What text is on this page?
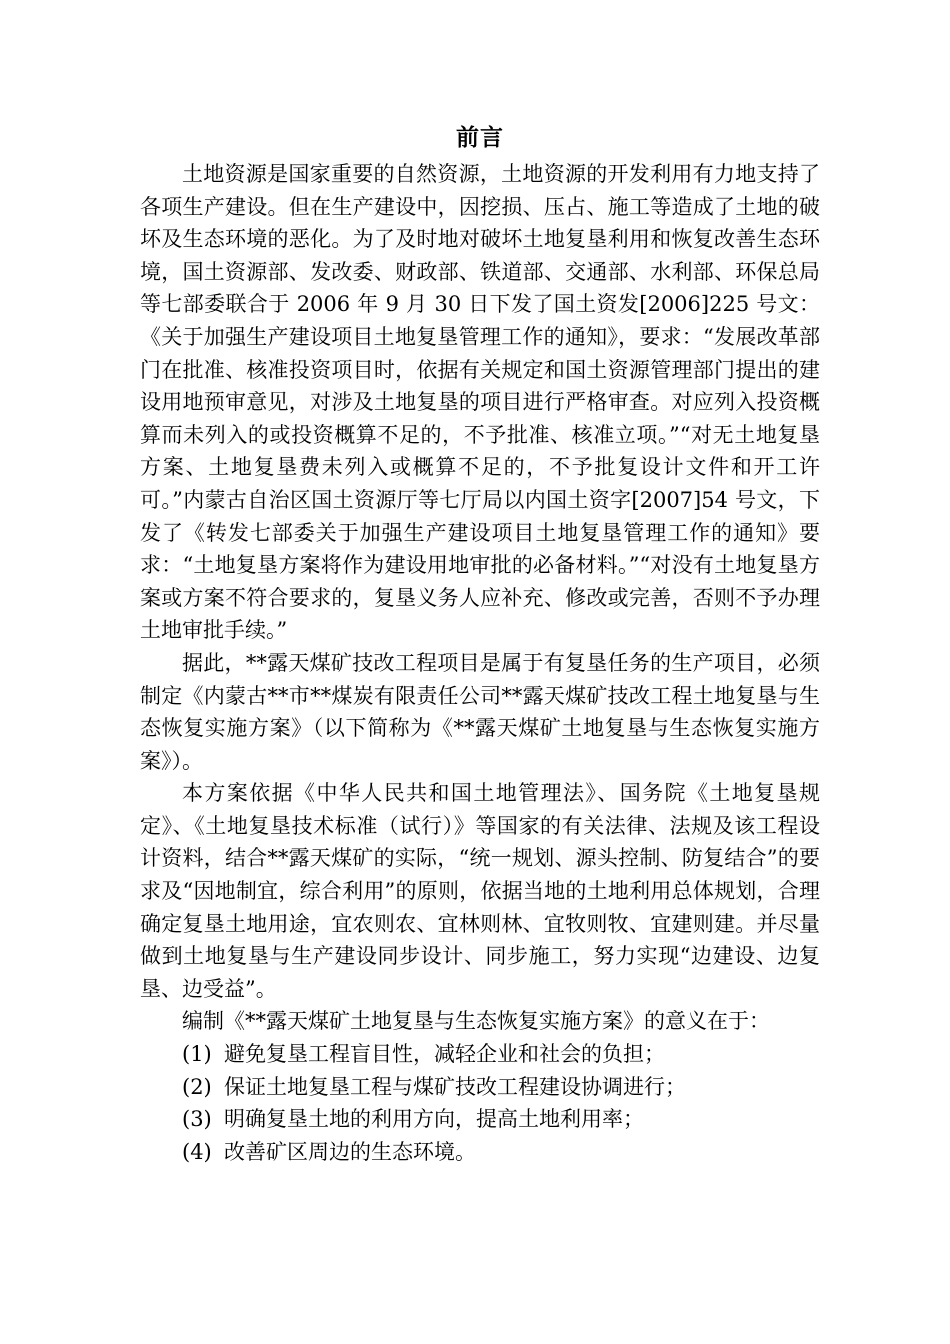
前言

土地资源是国家重要的自然资源，土地资源的开发利用有力地支持了各项生产建设。但在生产建设中，因挖损、压占、施工等造成了土地的破坏及生态环境的恶化。为了及时地对破坏土地复垦利用和恢复改善生态环境，国土资源部、发改委、财政部、铁道部、交通部、水利部、环保总局等七部委联合于 2006 年 9 月 30 日下发了国土资发[2006]225 号文：《关于加强生产建设项目土地复垦管理工作的通知》，要求：“发展改革部门在批准、核准投资项目时，依据有关规定和国土资源管理部门提出的建设用地预审意见，对涉及土地复垦的项目进行严格审查。对应列入投资概算而未列入的或投资概算不足的，不予批准、核准立项。”“对无土地复垦方案、土地复垦费未列入或概算不足的，不予批复设计文件和开工许可。”内蒙古自治区国土资源厅等七厅局以内国土资字[2007]54 号文，下发了《转发七部委关于加强生产建设项目土地复垦管理工作的通知》要求：“土地复垦方案将作为建设用地审批的必备材料。”“对没有土地复垦方案或方案不符合要求的，复垦义务人应补充、修改或完善，否则不予办理土地审批手续。”

据此，**露天煤矿技改工程项目是属于有复垦任务的生产项目，必须制定《内蒙古**市**煤炭有限责任公司**露天煤矿技改工程土地复垦与生态恢复实施方案》（以下简称为《**露天煤矿土地复垦与生态恢复实施方案》）。

本方案依据《中华人民共和国土地管理法》、国务院《土地复垦规定》、《土地复垦技术标准（试行）》等国家的有关法律、法规及该工程设计资料，结合**露天煤矿的实际，“统一规划、源头控制、防复结合”的要求及“因地制宜，综合利用”的原则，依据当地的土地利用总体规划，合理确定复垦土地用途，宜农则农、宜林则林、宜牧则牧、宜建则建。并尽量做到土地复垦与生产建设同步设计、同步施工，努力实现“边建设、边复垦、边受益”。

编制《**露天煤矿土地复垦与生态恢复实施方案》的意义在于：

(1) 避免复垦工程盲目性，减轻企业和社会的负担；

(2) 保证土地复垦工程与煤矿技改工程建设协调进行；

(3) 明确复垦土地的利用方向，提高土地利用率；

(4) 改善矿区周边的生态环境。
